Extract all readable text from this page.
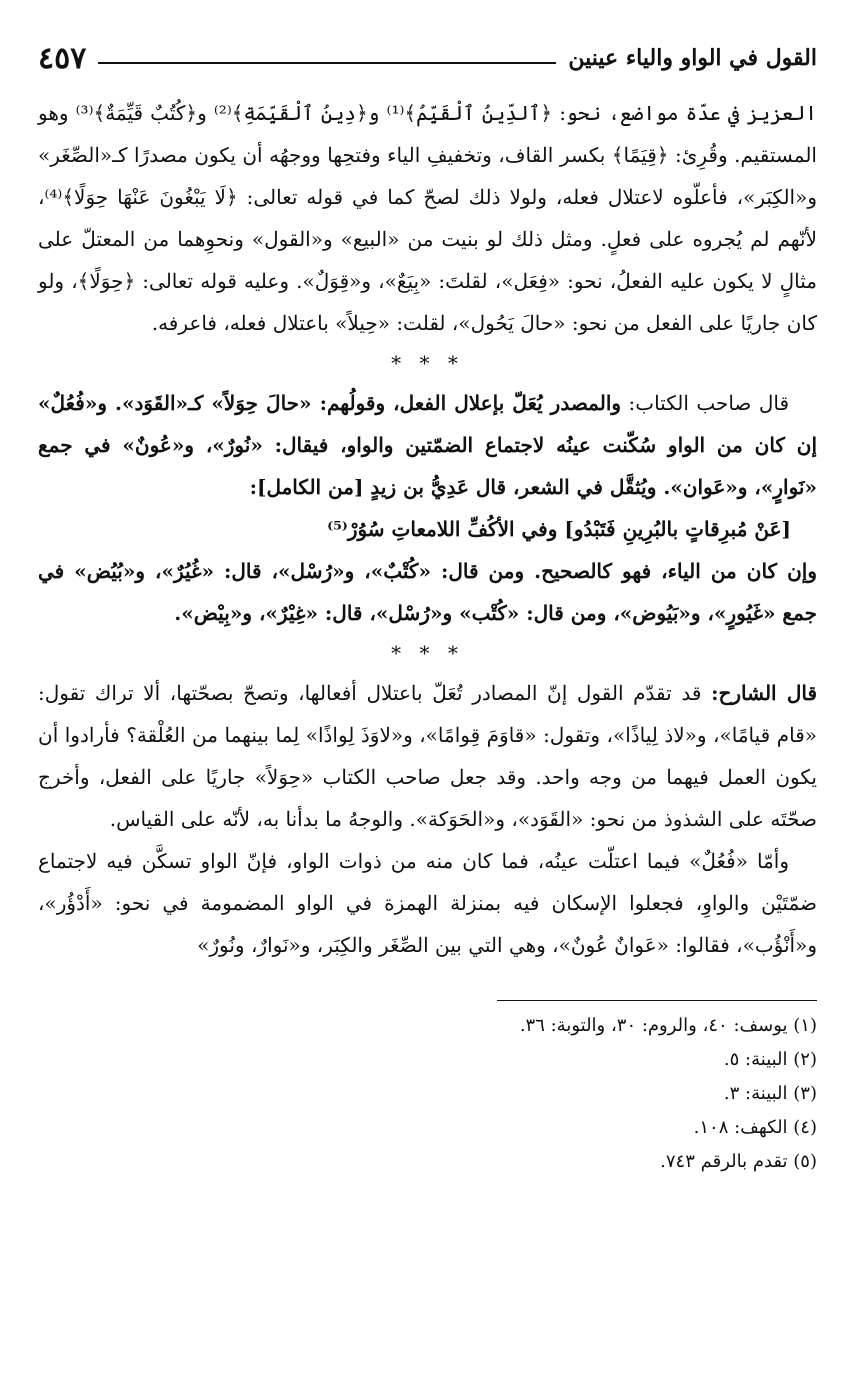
القول في الواو والياء عينين
٤٥٧

العزيز في عدّة مواضع، نحو: ﴿ٱلدِّينُ ٱلْقَيِّمُ﴾⁽¹⁾ و﴿دِينُ ٱلْقَيِّمَةِ﴾⁽²⁾ و﴿كُتُبٌ قَيِّمَةٌ﴾⁽³⁾ وهو المستقيم. وقُرِئ: ﴿قِيَمًا﴾ بكسر القاف، وتخفيفِ الياء وفتحِها ووجهُه أن يكون مصدرًا كـ«الصِّغَر» و«الكِبَر»، فأعلّوه لاعتلال فعله، ولولا ذلك لصحّ كما في قوله تعالى: ﴿لَا يَبْغُونَ عَنْهَا حِوَلًا﴾⁽⁴⁾، لأنّهم لم يُجروه على فعلٍ. ومثل ذلك لو بنيت من «البيع» و«القول» ونحوِهما من المعتلّ على مثالٍ لا يكون عليه الفعلُ، نحو: «فِعَل»، لقلتَ: «بِيَعٌ»، و«قِوَلٌ». وعليه قوله تعالى: ﴿حِوَلًا﴾، ولو كان جاريًا على الفعل من نحو: «حالَ يَحُول»، لقلت: «حِيلاً» باعتلال فعله، فاعرفه.

* * *

قال صاحب الكتاب: والمصدر يُعَلّ بإعلال الفعل، وقولُهم: «حالَ حِوَلاً» كـ«القَوَد». و«فُعُلٌ» إن كان من الواو سُكّنت عينُه لاجتماع الضمّتين والواو، فيقال: «نُورٌ»، و«عُونٌ» في جمع «نَوارٍ»، و«عَوان». ويُثقَّل في الشعر، قال عَدِيُّ بن زيدٍ [من الكامل]:

[عَنْ مُبرِقاتٍ بالبُرِينِ فَتَبْدُو] وفي الأكُفِّ اللامعاتِ سُوُرْ⁽⁵⁾

وإن كان من الياء، فهو كالصحيح. ومن قال: «كُتْبٌ»، و«رُسْل»، قال: «غُيُرٌ»، و«بُيُض» في جمع «غَيُورٍ»، و«بَيُوض»، ومن قال: «كُتْب» و«رُسْل»، قال: «غِيْرٌ»، و«بِيْض».

* * *

قال الشارح: قد تقدّم القول إنّ المصادر تُعَلّ باعتلال أفعالها، وتصحّ بصحّتها، ألا تراك تقول: «قام قيامًا»، و«لاذ لِياذًا»، وتقول: «قاوَمَ قِوامًا»، و«لاوَذَ لِواذًا» لِما بينهما من العُلْقة؟ فأرادوا أن يكون العمل فيهما من وجه واحد. وقد جعل صاحب الكتاب «حِوَلاً» جاريًا على الفعل، وأخرج صحّتَه على الشذوذ من نحو: «القَوَد»، و«الحَوَكة». والوجهُ ما بدأنا به، لأنّه على القياس.

وأمّا «فُعُلٌ» فيما اعتلّت عينُه، فما كان منه من ذوات الواو، فإنّ الواو تسكَّن فيه لاجتماع ضمّتَيْن والواوِ، فجعلوا الإسكان فيه بمنزلة الهمزة في الواو المضمومة في نحو: «أَدْؤُر»، و«أَنْؤُب»، فقالوا: «عَوانٌ عُونٌ»، وهي التي بين الصِّغَر والكِبَر، و«نَوارٌ، ونُورٌ»

(١) يوسف: ٤٠، والروم: ٣٠، والتوبة: ٣٦.
(٢) البينة: ٥.
(٣) البينة: ٣.
(٤) الكهف: ١٠٨.
(٥) تقدم بالرقم ٧٤٣.
